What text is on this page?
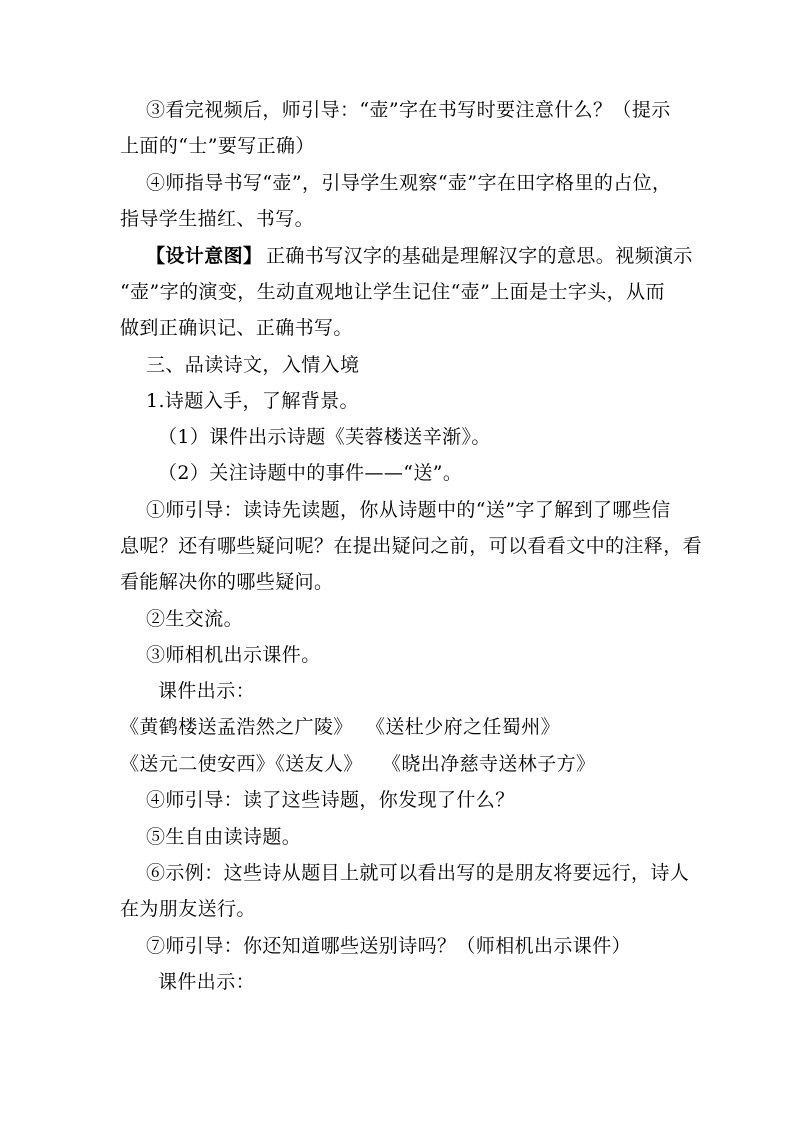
③看完视频后，师引导：“壶”字在书写时要注意什么？（提示
上面的“士”要写正确）
④师指导书写“壶”，引导学生观察“壶”字在田字格里的占位，
指导学生描红、书写。
【设计意图】 正确书写汉字的基础是理解汉字的意思。视频演示
“壶”字的演变，生动直观地让学生记住“壶”上面是士字头，从而
做到正确识记、正确书写。
三、品读诗文，入情入境
1.诗题入手，了解背景。
（1）课件出示诗题《芙蓉楼送辛渐》。
（2）关注诗题中的事件——“送”。
①师引导：读诗先读题，你从诗题中的“送”字了解到了哪些信
息呢？还有哪些疑问呢？在提出疑问之前，可以看看文中的注释，看
看能解决你的哪些疑问。
②生交流。
③师相机出示课件。
课件出示：
《黄鹤楼送孟浩然之广陵》 《送杜少府之任蜀州》
《送元二使安西》《送友人》 《晓出净慈寺送林子方》
④师引导：读了这些诗题，你发现了什么？
⑤生自由读诗题。
⑥示例：这些诗从题目上就可以看出写的是朋友将要远行，诗人
在为朋友送行。
⑦师引导：你还知道哪些送别诗吗？（师相机出示课件）
课件出示：
